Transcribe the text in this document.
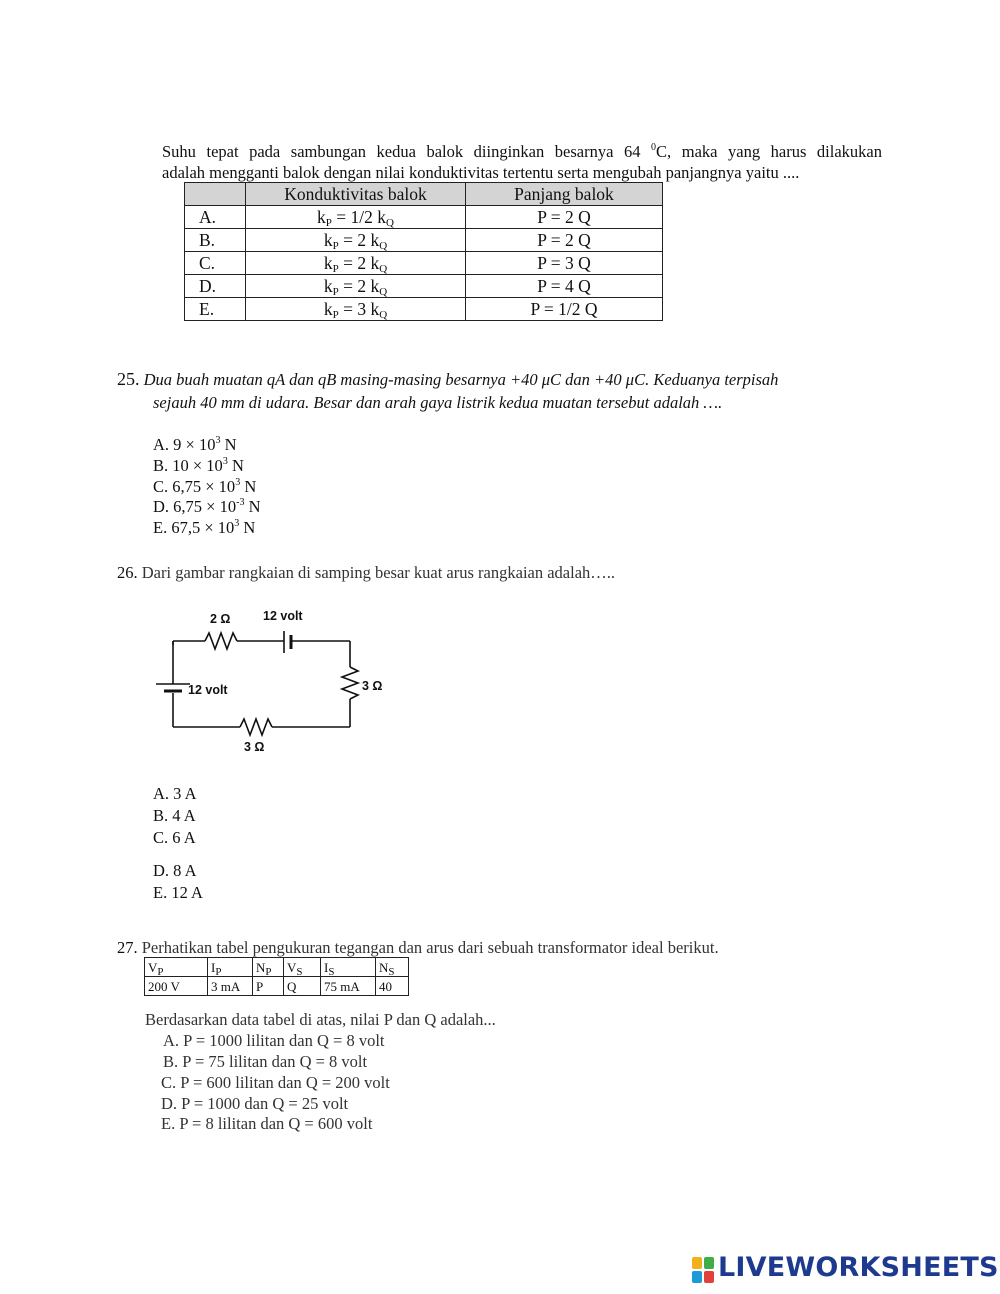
Suhu tepat pada sambungan kedua balok diinginkan besarnya 64 $^0$C, maka yang harus dilakukan

adalah mengganti balok dengan nilai konduktivitas tertentu serta mengubah panjangnya yaitu ....

	Konduktivitas balok	Panjang balok
A.	$k_P = 1/2$ $k_Q$	P = 2 Q
B.	$k_P = 2$ $k_Q$	P = 2 Q
C.	$k_P = 2$ $k_Q$	P = 3 Q
D.	$k_P = 2$ $k_Q$	P = 4 Q
E.	$k_P = 3$ $k_Q$	P = 1/2 Q
25. Dua buah muatan qA dan qB masing-masing besarnya +40 μC dan +40 μC. Keduanya terpisah
sejauh 40 mm di udara. Besar dan arah gaya listrik kedua muatan tersebut adalah ….
A. $9 \times 10^3$ N
B. $10 \times 10^3$ N
C. $6,75 \times 10^3$ N
D. $6,75 \times 10^{-3}$ N
E. $67,5 \times 10^3$ N
26. Dari gambar rangkaian di samping besar kuat arus rangkaian adalah…..
2 Ω	12 volt
12 volt	3 Ω
3 Ω
A. 3 A
B. 4 A
C. 6 A
D. 8 A
E. 12 A
27. Perhatikan tabel pengukuran tegangan dan arus dari sebuah transformator ideal berikut.
$V_P$	$I_P$	$N_P$	$V_S$	$I_S$	$N_S$
200 V	3 mA	P	Q	75 mA	40
Berdasarkan data tabel di atas, nilai P dan Q adalah...
A. P = 1000 lilitan dan Q = 8 volt
B. P = 75 lilitan dan Q = 8 volt
C. P = 600 lilitan dan Q = 200 volt
D. P = 1000 dan Q = 25 volt
E. P = 8 lilitan dan Q = 600 volt
LIVEWORKSHEETS
